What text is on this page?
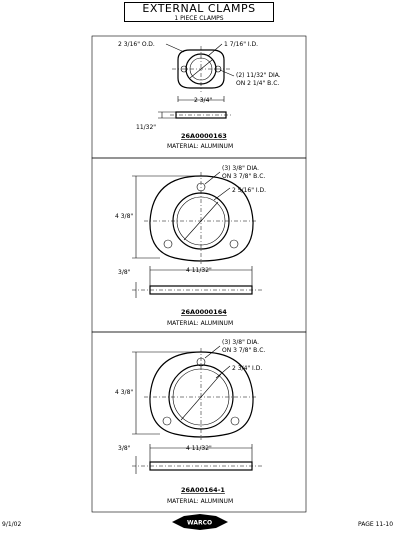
EXTERNAL CLAMPS
1 PIECE CLAMPS
2 3/16" O.D.	1 7/16" I.D.
(2) 11/32" DIA.
ON 2 1/4" B.C.
2 3/4"
11/32"
26A0000163
MATERIAL: ALUMINUM
(3) 3/8" DIA.
ON 3 7/8" B.C.
2 5/16" I.D.
4 3/8"
4 11/32"
3/8"
26A0000164
MATERIAL: ALUMINUM
(3) 3/8" DIA.
ON 3 7/8" B.C.
2 3/4" I.D.
4 3/8"
4 11/32"
3/8"
26A00164-1
MATERIAL: ALUMINUM
9/1/02	WARCO	PAGE 11-10
